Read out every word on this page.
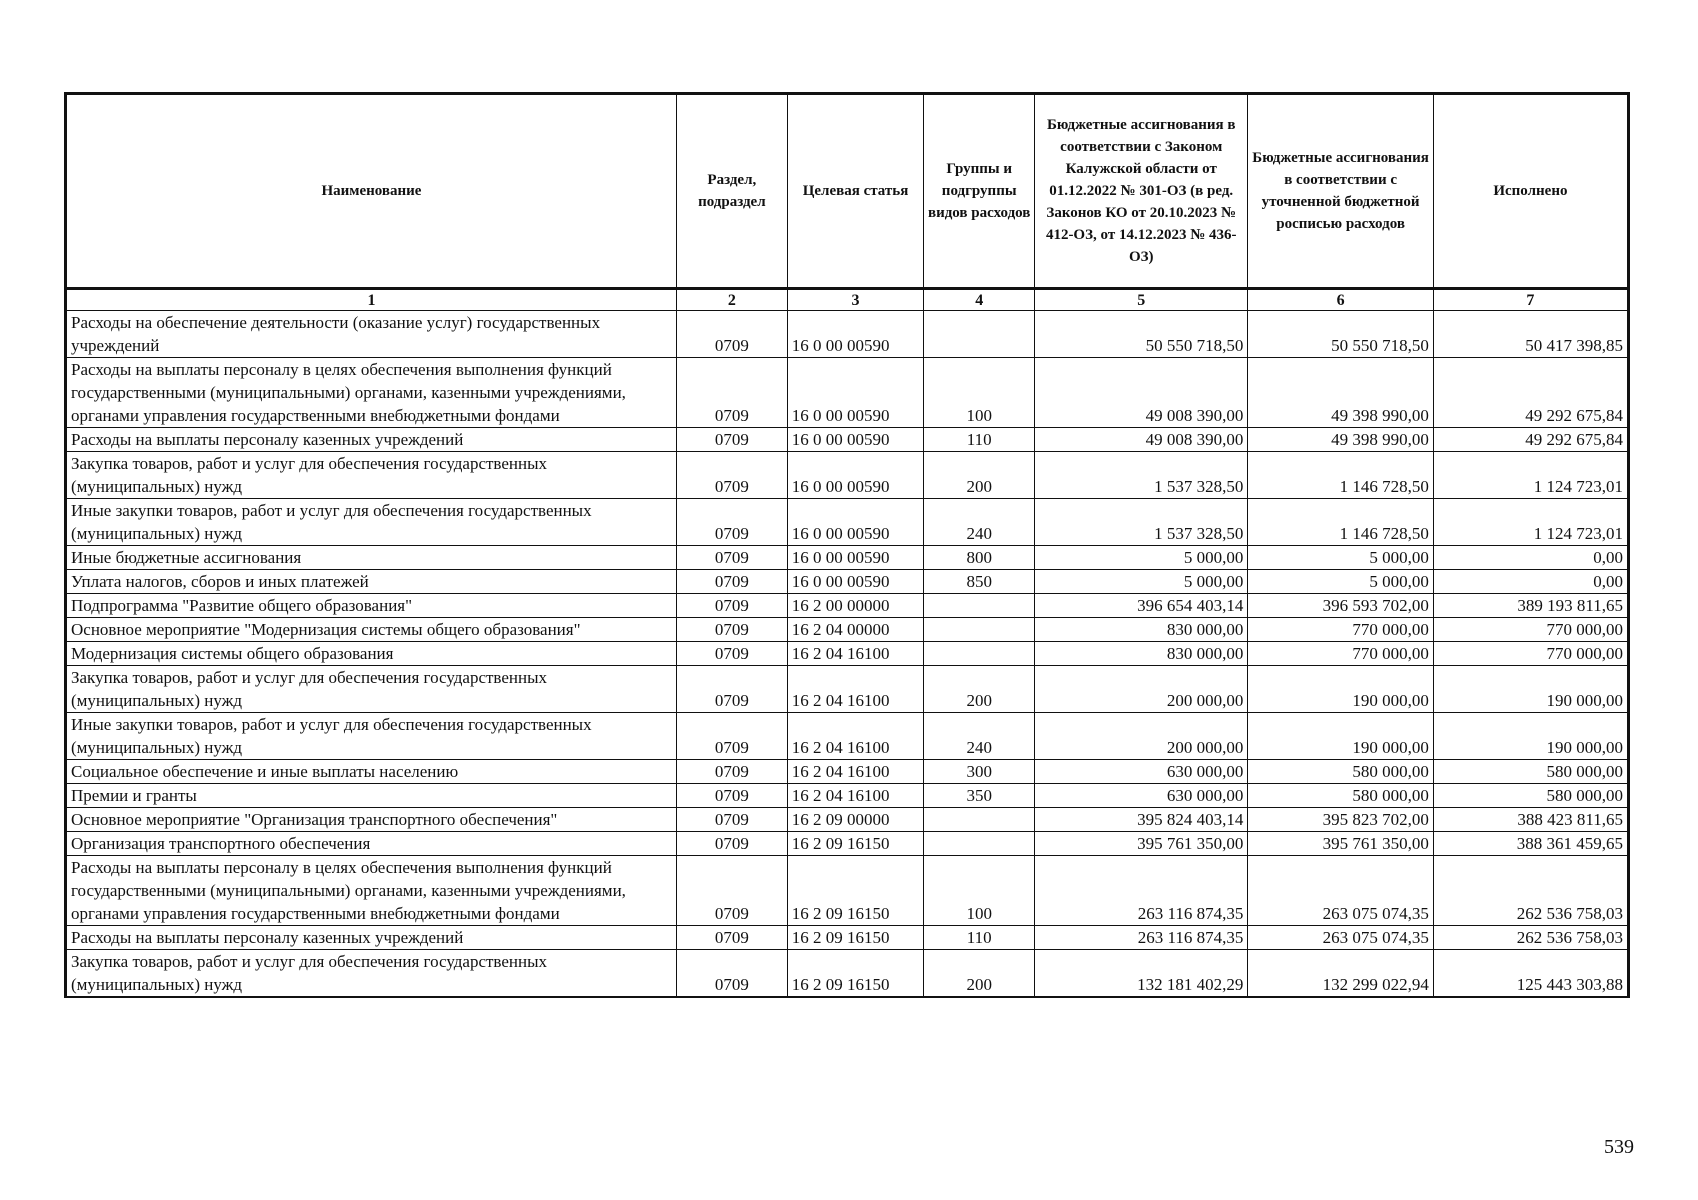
Наименование	Раздел, подраздел	Целевая статья	Группы и подгруппы видов расходов	Бюджетные ассигнования в соответствии с Законом Калужской области от 01.12.2022 № 301-ОЗ (в ред. Законов КО от 20.10.2023 № 412-ОЗ, от 14.12.2023 № 436-ОЗ)	Бюджетные ассигнования в соответствии с уточненной бюджетной росписью расходов	Исполнено
1	2	3	4	5	6	7
Расходы на обеспечение деятельности (оказание услуг) государственных учреждений	0709	16 0 00 00590		50 550 718,50	50 550 718,50	50 417 398,85
Расходы на выплаты персоналу в целях обеспечения выполнения функций государственными (муниципальными) органами, казенными учреждениями, органами управления государственными внебюджетными фондами	0709	16 0 00 00590	100	49 008 390,00	49 398 990,00	49 292 675,84
Расходы на выплаты персоналу казенных учреждений	0709	16 0 00 00590	110	49 008 390,00	49 398 990,00	49 292 675,84
Закупка товаров, работ и услуг для обеспечения государственных (муниципальных) нужд	0709	16 0 00 00590	200	1 537 328,50	1 146 728,50	1 124 723,01
Иные закупки товаров, работ и услуг для обеспечения государственных (муниципальных) нужд	0709	16 0 00 00590	240	1 537 328,50	1 146 728,50	1 124 723,01
Иные бюджетные ассигнования	0709	16 0 00 00590	800	5 000,00	5 000,00	0,00
Уплата налогов, сборов и иных платежей	0709	16 0 00 00590	850	5 000,00	5 000,00	0,00
Подпрограмма "Развитие общего образования"	0709	16 2 00 00000		396 654 403,14	396 593 702,00	389 193 811,65
Основное мероприятие "Модернизация системы общего образования"	0709	16 2 04 00000		830 000,00	770 000,00	770 000,00
Модернизация системы общего образования	0709	16 2 04 16100		830 000,00	770 000,00	770 000,00
Закупка товаров, работ и услуг для обеспечения государственных (муниципальных) нужд	0709	16 2 04 16100	200	200 000,00	190 000,00	190 000,00
Иные закупки товаров, работ и услуг для обеспечения государственных (муниципальных) нужд	0709	16 2 04 16100	240	200 000,00	190 000,00	190 000,00
Социальное обеспечение и иные выплаты населению	0709	16 2 04 16100	300	630 000,00	580 000,00	580 000,00
Премии и гранты	0709	16 2 04 16100	350	630 000,00	580 000,00	580 000,00
Основное мероприятие "Организация транспортного обеспечения"	0709	16 2 09 00000		395 824 403,14	395 823 702,00	388 423 811,65
Организация транспортного обеспечения	0709	16 2 09 16150		395 761 350,00	395 761 350,00	388 361 459,65
Расходы на выплаты персоналу в целях обеспечения выполнения функций государственными (муниципальными) органами, казенными учреждениями, органами управления государственными внебюджетными фондами	0709	16 2 09 16150	100	263 116 874,35	263 075 074,35	262 536 758,03
Расходы на выплаты персоналу казенных учреждений	0709	16 2 09 16150	110	263 116 874,35	263 075 074,35	262 536 758,03
Закупка товаров, работ и услуг для обеспечения государственных (муниципальных) нужд	0709	16 2 09 16150	200	132 181 402,29	132 299 022,94	125 443 303,88
539
